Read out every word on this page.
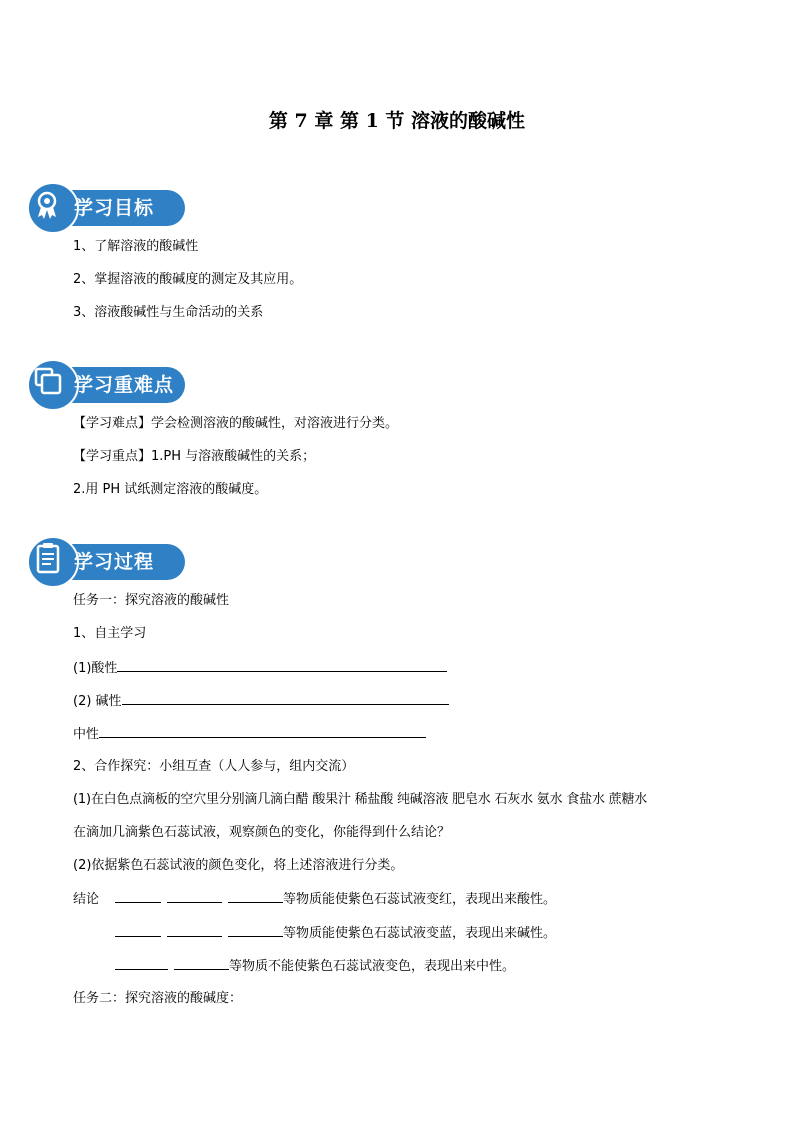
第 7 章 第 1 节 溶液的酸碱性
学习目标
1、了解溶液的酸碱性
2、掌握溶液的酸碱度的测定及其应用。
3、溶液酸碱性与生命活动的关系
学习重难点
【学习难点】学会检测溶液的酸碱性，对溶液进行分类。
【学习重点】1.PH 与溶液酸碱性的关系；
2.用 PH 试纸测定溶液的酸碱度。
学习过程
任务一：探究溶液的酸碱性
1、自主学习
(1)酸性
(2) 碱性
中性
2、合作探究：小组互查（人人参与，组内交流）
(1)在白色点滴板的空穴里分别滴几滴白醋 酸果汁 稀盐酸 纯碱溶液 肥皂水 石灰水 氨水 食盐水 蔗糖水
在滴加几滴紫色石蕊试液，观察颜色的变化，你能得到什么结论？
(2)依据紫色石蕊试液的颜色变化，将上述溶液进行分类。
结论	等物质能使紫色石蕊试液变红，表现出来酸性。
等物质能使紫色石蕊试液变蓝，表现出来碱性。
等物质不能使紫色石蕊试液变色，表现出来中性。
任务二：探究溶液的酸碱度：
